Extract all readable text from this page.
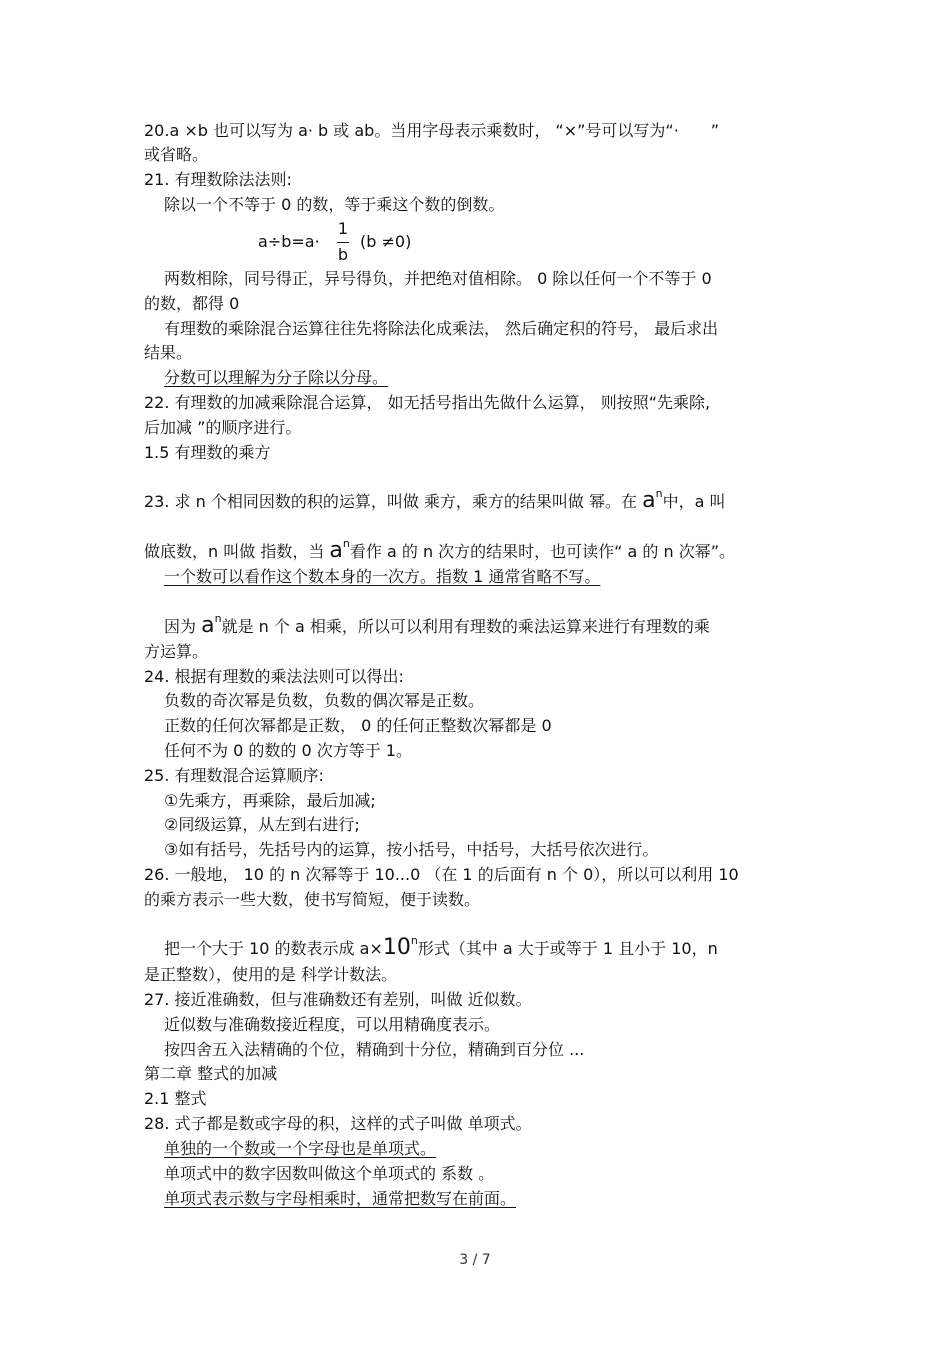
20.a ×b 也可以写为 a· b 或 ab。当用字母表示乘数时， “×”号可以写为“·　　”
或省略。
21. 有理数除法法则:
除以一个不等于 0 的数，等于乘这个数的倒数。
a÷b=a·
1
b
(b ≠0)
两数相除，同号得正，异号得负，并把绝对值相除。 0 除以任何一个不等于 0
的数，都得 0
有理数的乘除混合运算往往先将除法化成乘法， 然后确定积的符号， 最后求出
结果。
分数可以理解为分子除以分母。
22. 有理数的加减乘除混合运算， 如无括号指出先做什么运算， 则按照“先乘除,
后加减 ”的顺序进行。
1.5 有理数的乘方
23. 求 n 个相同因数的积的运算，叫做 乘方，乘方的结果叫做 幂。在 $a^n$中，a 叫
做底数，n 叫做 指数，当 $a^n$看作 a 的 n 次方的结果时，也可读作“ a 的 n 次幂”。
一个数可以看作这个数本身的一次方。指数 1 通常省略不写。
因为 $a^n$就是 n 个 a 相乘，所以可以利用有理数的乘法运算来进行有理数的乘
方运算。
24. 根据有理数的乘法法则可以得出:
负数的奇次幂是负数，负数的偶次幂是正数。
正数的任何次幂都是正数， 0 的任何正整数次幂都是 0
任何不为 0 的数的 0 次方等于 1。
25. 有理数混合运算顺序:
①先乘方，再乘除，最后加减;
②同级运算，从左到右进行;
③如有括号，先括号内的运算，按小括号，中括号，大括号依次进行。
26. 一般地， 10 的 n 次幂等于 10...0 （在 1 的后面有 n 个 0），所以可以利用 10
的乘方表示一些大数，使书写简短，便于读数。
把一个大于 10 的数表示成 $a\times 10^n$形式（其中 a 大于或等于 1 且小于 10，n
是正整数），使用的是 科学计数法。
27. 接近准确数，但与准确数还有差别，叫做 近似数。
近似数与准确数接近程度，可以用精确度表示。
按四舍五入法精确的个位，精确到十分位，精确到百分位 ...
第二章 整式的加减
2.1 整式
28. 式子都是数或字母的积，这样的式子叫做 单项式。
单独的一个数或一个字母也是单项式。
单项式中的数字因数叫做这个单项式的 系数 。
单项式表示数与字母相乘时，通常把数写在前面。
3 / 7
